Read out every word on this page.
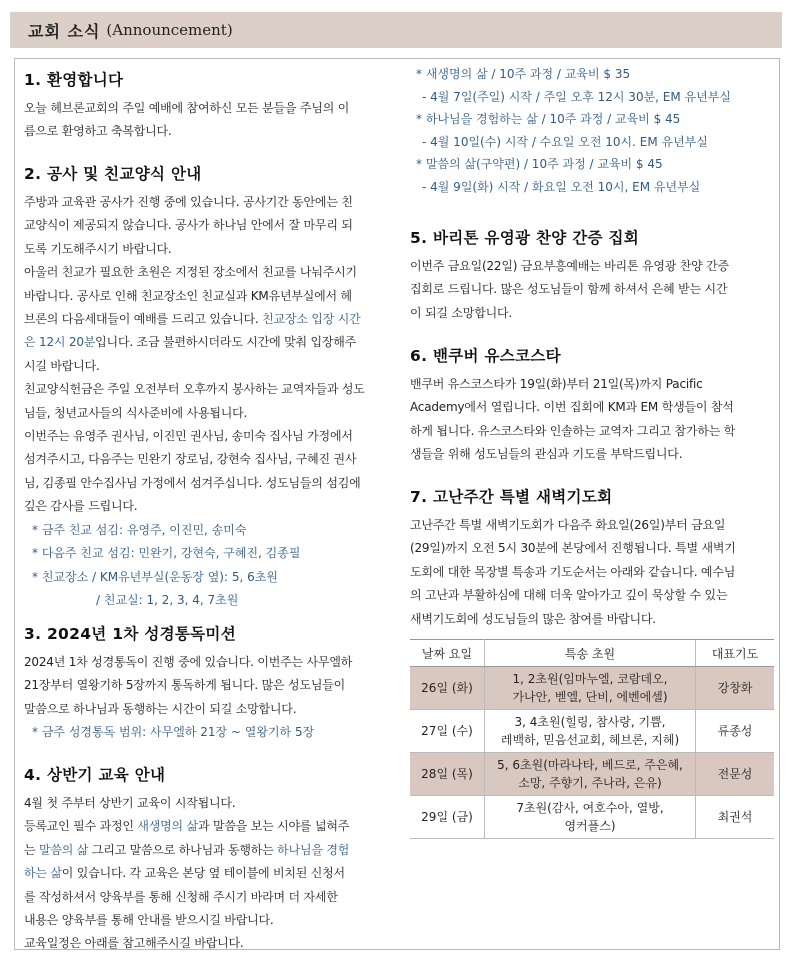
교회 소식 (Announcement)
1. 환영합니다
오늘 헤브론교회의 주일 예배에 참여하신 모든 분들을 주님의 이
름으로 환영하고 축복합니다.
2. 공사 및 친교양식 안내
주방과 교육관 공사가 진행 중에 있습니다. 공사기간 동안에는 친
교양식이 제공되지 않습니다. 공사가 하나님 안에서 잘 마무리 되
도록 기도해주시기 바랍니다.
아울러 친교가 필요한 초원은 지정된 장소에서 친교를 나눠주시기
바랍니다. 공사로 인해 친교장소인 친교실과 KM유년부실에서 헤
브론의 다음세대들이 예배를 드리고 있습니다. 친교장소 입장 시간
은 12시 20분입니다. 조금 불편하시더라도 시간에 맞춰 입장해주
시길 바랍니다.
친교양식헌금은 주일 오전부터 오후까지 봉사하는 교역자들과 성도
님들, 청년교사들의 식사준비에 사용됩니다.
이번주는 유영주 권사님, 이진민 권사님, 송미숙 집사님 가정에서
섬겨주시고, 다음주는 민완기 장로님, 강현숙 집사님, 구혜진 권사
님, 김종필 안수집사님 가정에서 섬겨주십니다. 성도님들의 섬김에
깊은 감사를 드립니다.
* 금주 친교 섬김: 유영주, 이진민, 송미숙
* 다음주 친교 섬김: 민완기, 강현숙, 구혜진, 김종필
* 친교장소 / KM유년부실(운동장 옆): 5, 6초원
/ 친교실: 1, 2, 3, 4, 7초원
3. 2024년 1차 성경통독미션
2024년 1차 성경통독이 진행 중에 있습니다. 이번주는 사무엘하
21장부터 열왕기하 5장까지 통독하게 됩니다. 많은 성도님들이
말씀으로 하나님과 동행하는 시간이 되길 소망합니다.
* 금주 성경통독 범위: 사무엘하 21장 ~ 열왕기하 5장
4. 상반기 교육 안내
4월 첫 주부터 상반기 교육이 시작됩니다.
등록교인 필수 과정인 새생명의 삶과 말씀을 보는 시야를 넓혀주
는 말씀의 삶 그리고 말씀으로 하나님과 동행하는 하나님을 경험
하는 삶이 있습니다. 각 교육은 본당 옆 테이블에 비치된 신청서
를 작성하셔서 양육부를 통해 신청해 주시기 바라며 더 자세한
내용은 양육부를 통해 안내를 받으시길 바랍니다.
교육일정은 아래를 참고해주시길 바랍니다.
* 새생명의 삶 / 10주 과정 / 교육비 $ 35
- 4월 7일(주일) 시작 / 주일 오후 12시 30분, EM 유년부실
* 하나님을 경험하는 삶 / 10주 과정 / 교육비 $ 45
- 4월 10일(수) 시작 / 수요일 오전 10시. EM 유년부실
* 말씀의 삶(구약편) / 10주 과정 / 교육비 $ 45
- 4월 9일(화) 시작 / 화요일 오전 10시, EM 유년부실
5. 바리톤 유영광 찬양 간증 집회
이번주 금요일(22일) 금요부흥예배는 바리톤 유영광 찬양 간증
집회로 드립니다. 많은 성도님들이 함께 하셔서 은혜 받는 시간
이 되길 소망합니다.
6. 밴쿠버 유스코스타
밴쿠버 유스코스타가 19일(화)부터 21일(목)까지 Pacific
Academy에서 열립니다. 이번 집회에 KM과 EM 학생들이 참석
하게 됩니다. 유스코스타와 인솔하는 교역자 그리고 참가하는 학
생들을 위해 성도님들의 관심과 기도를 부탁드립니다.
7. 고난주간 특별 새벽기도회
고난주간 특별 새벽기도회가 다음주 화요일(26일)부터 금요일
(29일)까지 오전 5시 30분에 본당에서 진행됩니다. 특별 새벽기
도회에 대한 목장별 특송과 기도순서는 아래와 같습니다. 예수님
의 고난과 부활하심에 대해 더욱 알아가고 깊이 묵상할 수 있는
새벽기도회에 성도님들의 많은 참여를 바랍니다.
날짜 요일	특송 초원	대표기도
26일 (화)	1, 2초원(임마누엘, 코람데오,
가나안, 벧엘, 단비, 에벤에셀)	강창화
27일 (수)	3, 4초원(힐링, 참사랑, 기쁨,
레백하, 믿음선교회, 헤브론, 지헤)	류종성
28일 (목)	5, 6초원(마라나타, 베드로, 주은혜,
소망, 주향기, 주나라, 은유)	전문성
29일 (금)	7초원(감사, 여호수아, 열방,
영커플스)	최권석
